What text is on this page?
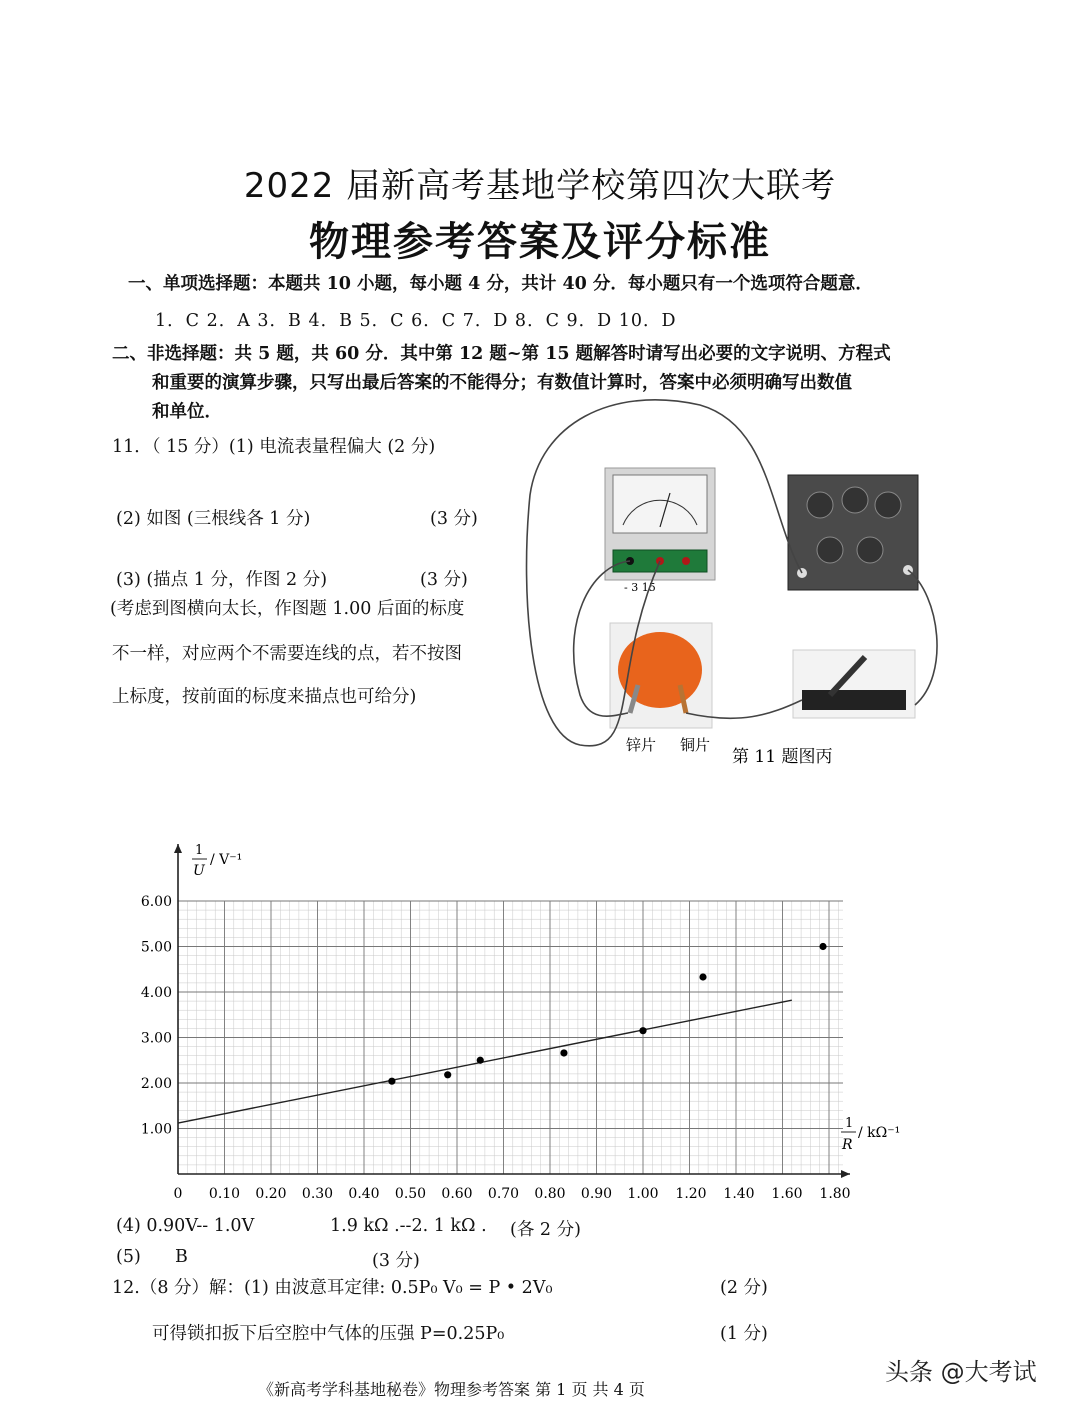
2022 届新高考基地学校第四次大联考
物理参考答案及评分标准
一、单项选择题：本题共 10 小题，每小题 4 分，共计 40 分．每小题只有一个选项符合题意．
1．C 2．A 3．B 4．B 5．C 6．C 7．D 8．C 9．D 10．D
二、非选择题：共 5 题，共 60 分．其中第 12 题~第 15 题解答时请写出必要的文字说明、方程式
和重要的演算步骤，只写出最后答案的不能得分；有数值计算时，答案中必须明确写出数值
和单位．
11．（ 15 分）(1) 电流表量程偏大 (2 分)
(2) 如图 (三根线各 1 分)	(3 分)
(3) (描点 1 分，作图 2 分)	(3 分)
(考虑到图横向太长，作图题 1.00 后面的标度
不一样，对应两个不需要连线的点，若不按图
上标度，按前面的标度来描点也可给分)
- 3 15
锌片 铜片
第 11 题图丙
1
U
/ V⁻¹
1
R
/ kΩ⁻¹
0 0.10 0.20 0.30 0.40 0.50 0.60 0.70 0.80 0.90 1.00 1.20 1.40 1.60 1.80
1.00
2.00
3.00
4.00
5.00
6.00
(4) 0.90V-- 1.0V	1.9 kΩ .--2. 1 kΩ . (各 2 分)
(5) B	(3 分)
12.（8 分）解：(1) 由波意耳定律: 0.5P₀ V₀ = P • 2V₀	(2 分)
可得锁扣扳下后空腔中气体的压强 P=0.25P₀	(1 分)
《新高考学科基地秘卷》物理参考答案 第 1 页 共 4 页
头条 @大考试
